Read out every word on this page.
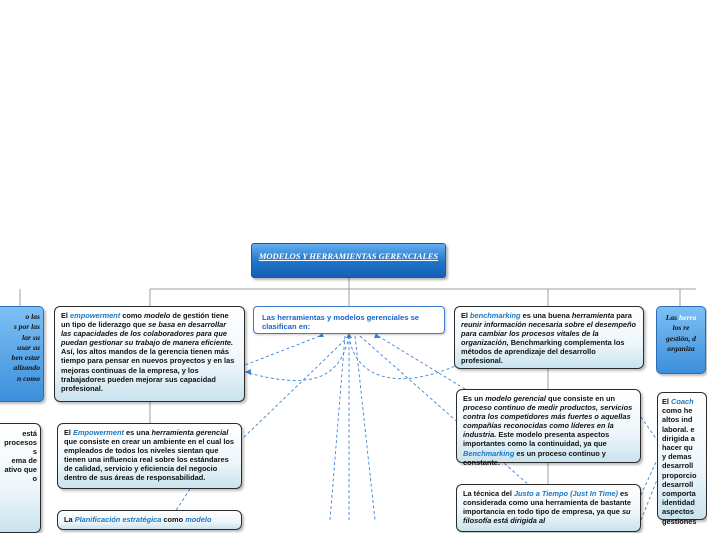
MODELOS Y HERRAMIENTAS GERENCIALES
Las herramientas y modelos gerenciales se clasifican en:
El empowerment como modelo de gestión tiene un tipo de liderazgo que se basa en desarrollar las capacidades de los colaboradores para que puedan gestionar su trabajo de manera eficiente. Así, los altos mandos de la gerencia tienen más tiempo para pensar en nuevos proyectos y en las mejoras continuas de la empresa, y los trabajadores pueden mejorar sus capacidad profesional.
El Empowerment es una herramienta gerencial que consiste en crear un ambiente en el cual los empleados de todos los niveles sientan que tienen una influencia real sobre los estándares de calidad, servicio y eficiencia del negocio dentro de sus áreas de responsabilidad.
La Planificación estratégica como modelo
El benchmarking es una buena herramienta para reunir información necesaria sobre el desempeño para cambiar los procesos vitales de la organización, Benchmarking complementa los métodos de aprendizaje del desarrollo profesional.
Es un modelo gerencial que consiste en un proceso continuo de medir productos, servicios contra los competidores más fuertes o aquellas compañías reconocidas como líderes en la industria. Este modelo presenta aspectos importantes como la continuidad, ya que Benchmarking es un proceso continuo y constante.
La técnica del Justo a Tiempo (Just In Time) es considerada como una herramienta de bastante importancia en todo tipo de empresa, ya que su filosofía está dirigida al
o las
s por las
lar su
usar su
ben estar
alizando
n como
está
procesos
s
ema de
ativo que
o
Las herra
los re
gestión, d
organiza
El Coach
como he
altos ind
laboral. e
dirigida a
hacer qu
y demas
desarroll
proporcio
desarroll
comporta
identidad
aspectos
gestiones
